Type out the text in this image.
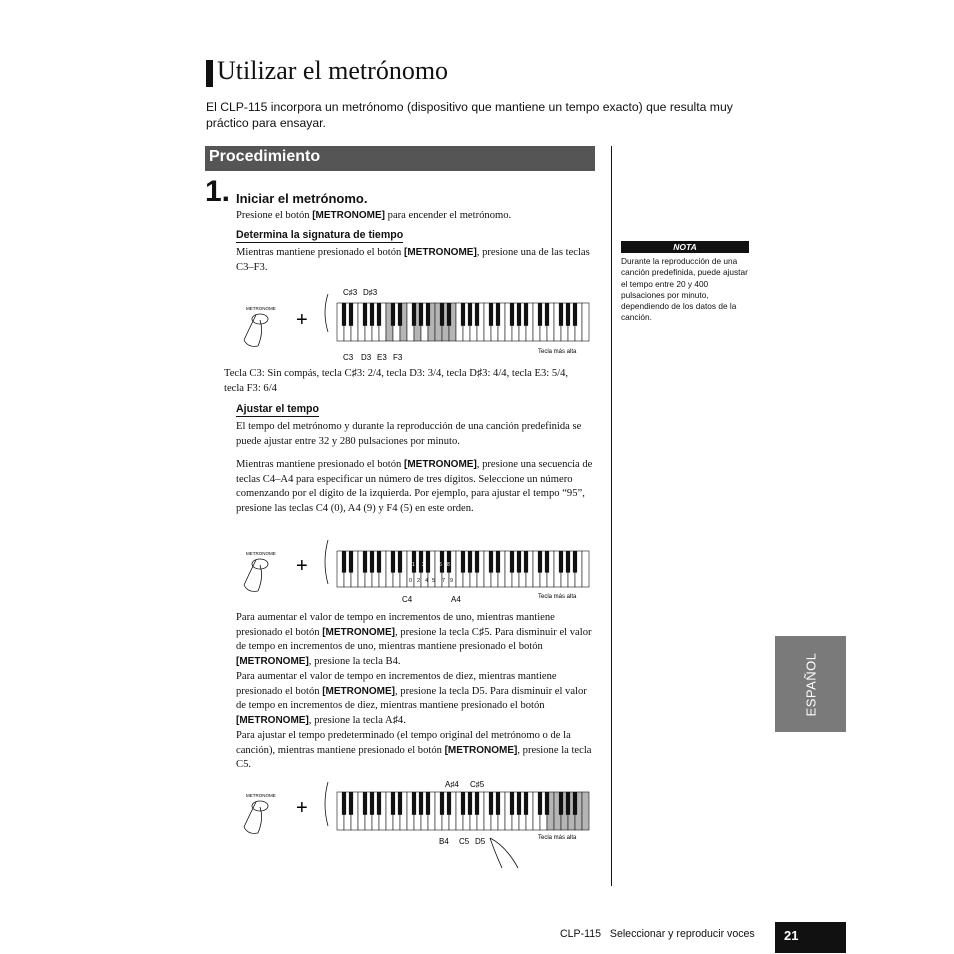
Utilizar el metrónomo
El CLP-115 incorpora un metrónomo (dispositivo que mantiene un tempo exacto) que resulta muy práctico para ensayar.
Procedimiento
1. Iniciar el metrónomo.
Presione el botón [METRONOME] para encender el metrónomo.
Determina la signatura de tiempo
Mientras mantiene presionado el botón [METRONOME], presione una de las teclas C3–F3.
METRONOME
+
C♯3 D♯3
C3 D3 E3 F3
Tecla más alta
Tecla C3: Sin compás, tecla C♯3: 2/4, tecla D3: 3/4, tecla D♯3: 4/4, tecla E3: 5/4, tecla F3: 6/4
Ajustar el tempo
El tempo del metrónomo y durante la reproducción de una canción predefinida se puede ajustar entre 32 y 280 pulsaciones por minuto.
Mientras mantiene presionado el botón [METRONOME], presione una secuencia de teclas C4–A4 para especificar un número de tres dígitos. Seleccione un número comenzando por el dígito de la izquierda. Por ejemplo, para ajustar el tempo “95”, presione las teclas C4 (0), A4 (9) y F4 (5) en este orden.
METRONOME
+	1 3	6 8
0 2 4 5 7 9
C4	A4	Tecla más alta
Para aumentar el valor de tempo en incrementos de uno, mientras mantiene presionado el botón [METRONOME], presione la tecla C♯5. Para disminuir el valor de tempo en incrementos de uno, mientras mantiene presionado el botón [METRONOME], presione la tecla B4.
Para aumentar el valor de tempo en incrementos de diez, mientras mantiene presionado el botón [METRONOME], presione la tecla D5. Para disminuir el valor de tempo en incrementos de diez, mientras mantiene presionado el botón [METRONOME], presione la tecla A♯4.
Para ajustar el tempo predeterminado (el tempo original del metrónomo o de la canción), mientras mantiene presionado el botón [METRONOME], presione la tecla C5.
METRONOME
+
A♯4 C♯5
B4 C5 D5	Tecla más alta
NOTA
Durante la reproducción de una canción predefinida, puede ajustar el tempo entre 20 y 400 pulsaciones por minuto, dependiendo de los datos de la canción.
ESPAÑOL
CLP-115 Seleccionar y reproducir voces 21
